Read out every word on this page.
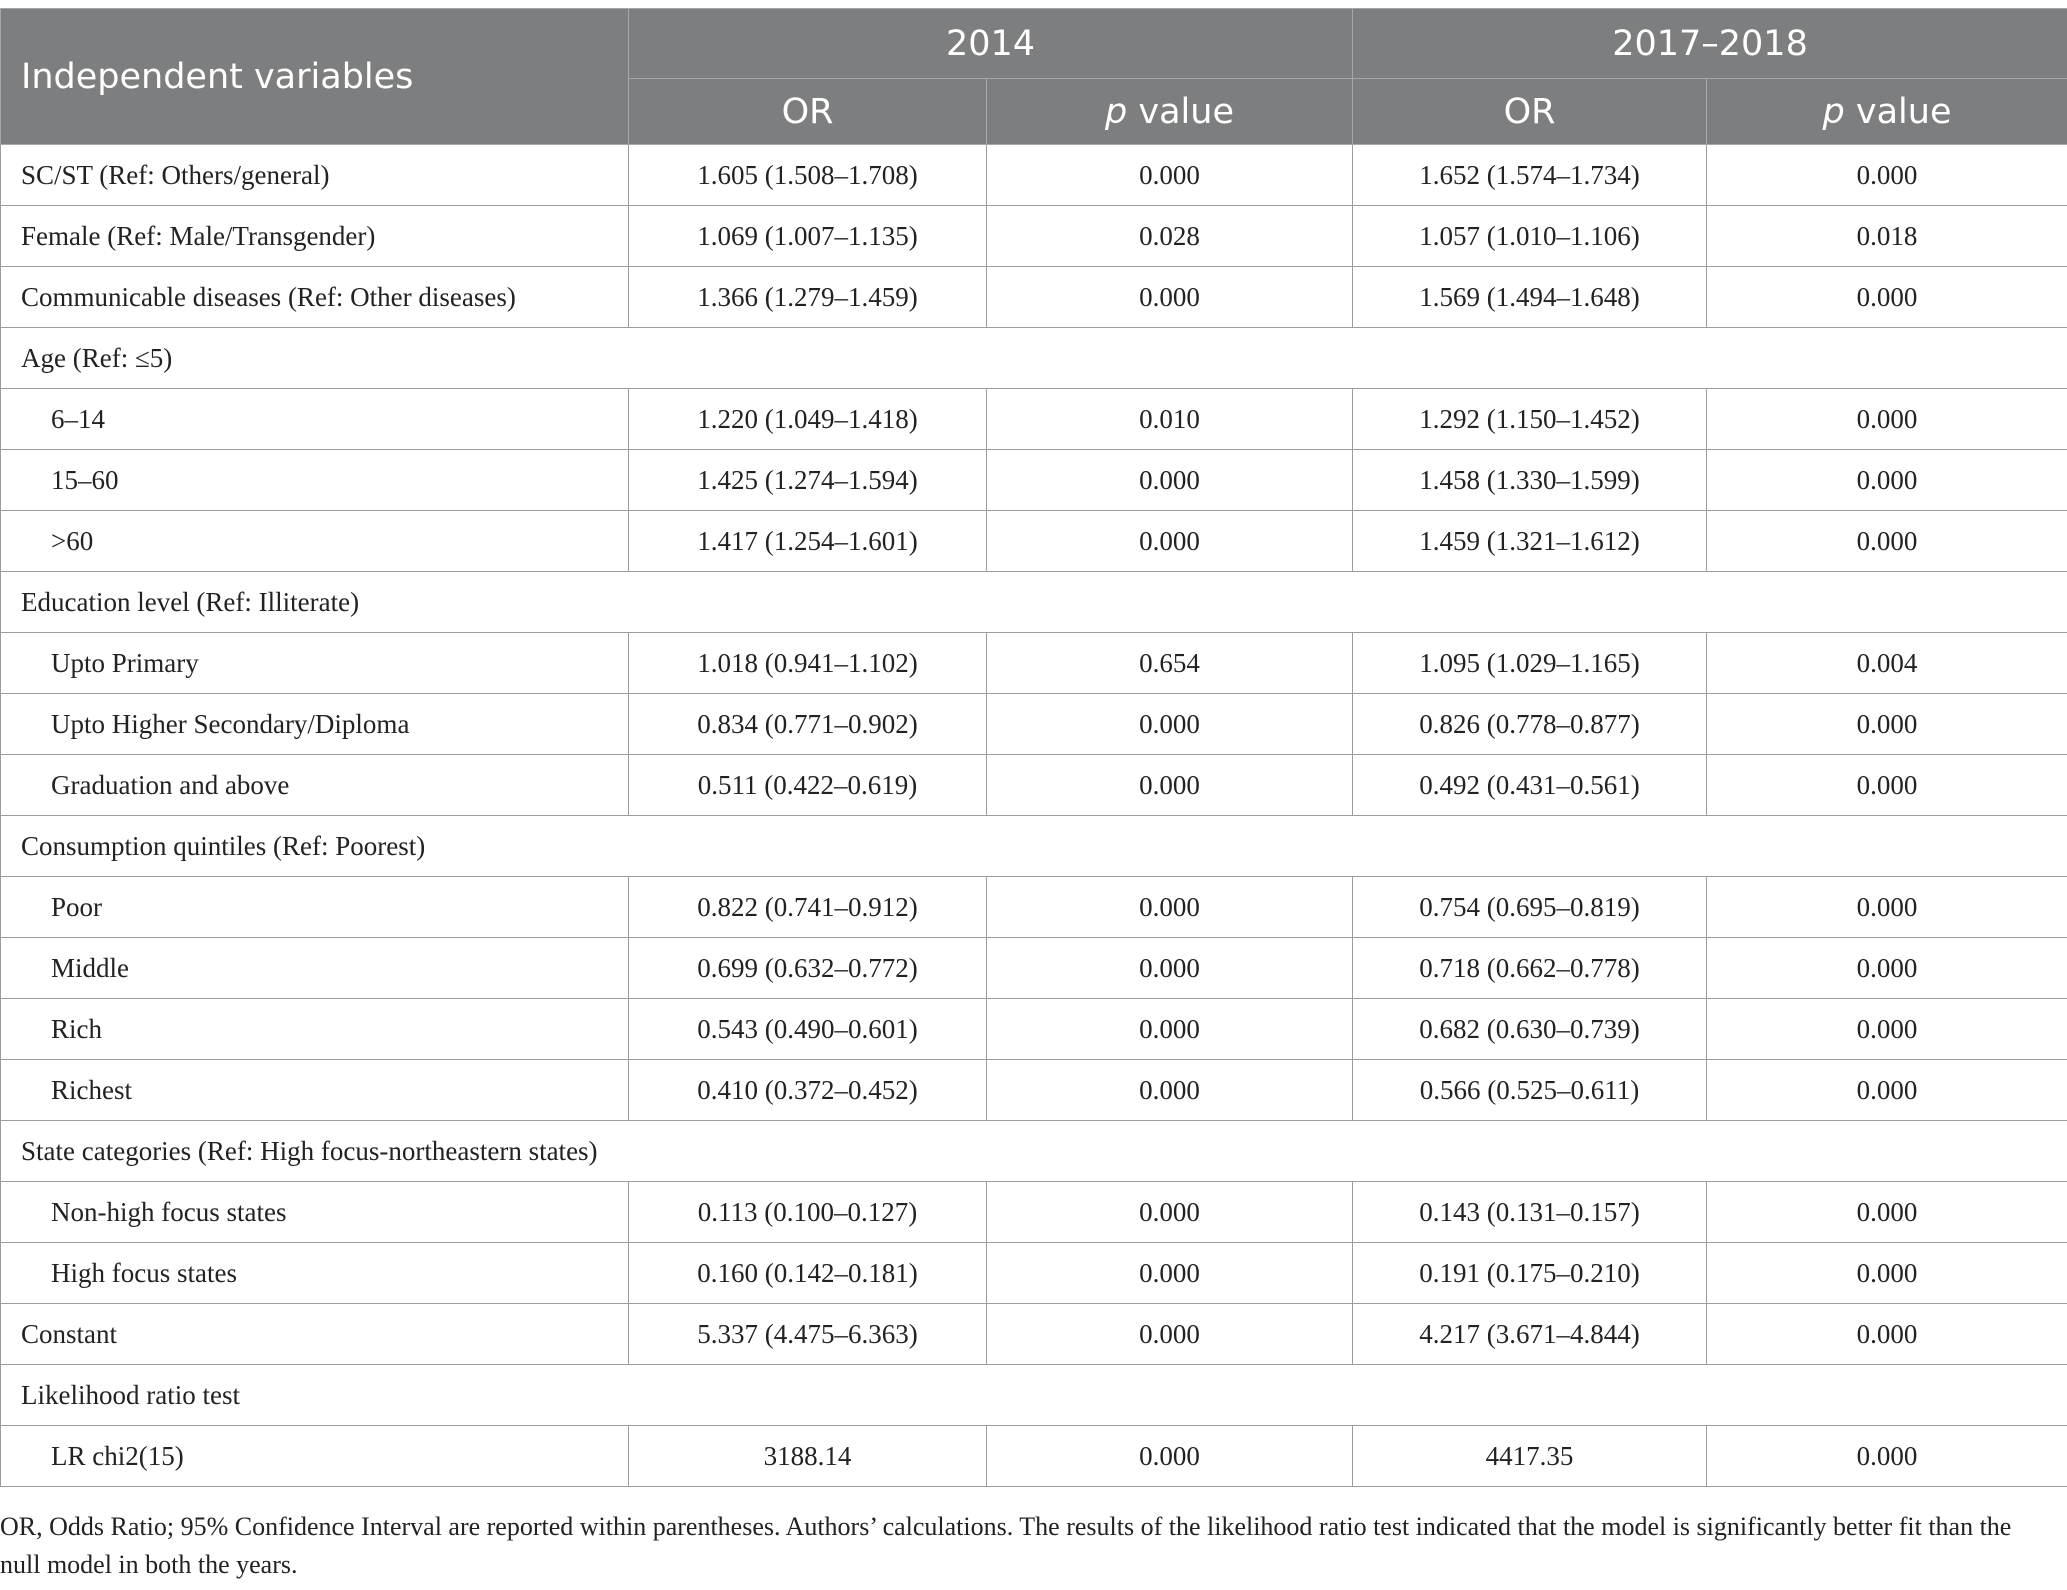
Independent variables	2014		2017–2018	
	OR	p value	OR	p value
SC/ST (Ref: Others/general)	1.605 (1.508–1.708)	0.000	1.652 (1.574–1.734)	0.000
Female (Ref: Male/Transgender)	1.069 (1.007–1.135)	0.028	1.057 (1.010–1.106)	0.018
Communicable diseases (Ref: Other diseases)	1.366 (1.279–1.459)	0.000	1.569 (1.494–1.648)	0.000
Age (Ref: ≤5)				
6–14	1.220 (1.049–1.418)	0.010	1.292 (1.150–1.452)	0.000
15–60	1.425 (1.274–1.594)	0.000	1.458 (1.330–1.599)	0.000
>60	1.417 (1.254–1.601)	0.000	1.459 (1.321–1.612)	0.000
Education level (Ref: Illiterate)				
Upto Primary	1.018 (0.941–1.102)	0.654	1.095 (1.029–1.165)	0.004
Upto Higher Secondary/Diploma	0.834 (0.771–0.902)	0.000	0.826 (0.778–0.877)	0.000
Graduation and above	0.511 (0.422–0.619)	0.000	0.492 (0.431–0.561)	0.000
Consumption quintiles (Ref: Poorest)				
Poor	0.822 (0.741–0.912)	0.000	0.754 (0.695–0.819)	0.000
Middle	0.699 (0.632–0.772)	0.000	0.718 (0.662–0.778)	0.000
Rich	0.543 (0.490–0.601)	0.000	0.682 (0.630–0.739)	0.000
Richest	0.410 (0.372–0.452)	0.000	0.566 (0.525–0.611)	0.000
State categories (Ref: High focus-northeastern states)				
Non-high focus states	0.113 (0.100–0.127)	0.000	0.143 (0.131–0.157)	0.000
High focus states	0.160 (0.142–0.181)	0.000	0.191 (0.175–0.210)	0.000
Constant	5.337 (4.475–6.363)	0.000	4.217 (3.671–4.844)	0.000
Likelihood ratio test				
LR chi2(15)	3188.14	0.000	4417.35	0.000
OR, Odds Ratio; 95% Confidence Interval are reported within parentheses. Authors’ calculations. The results of the likelihood ratio test indicated that the model is significantly better fit than the null model in both the years.
